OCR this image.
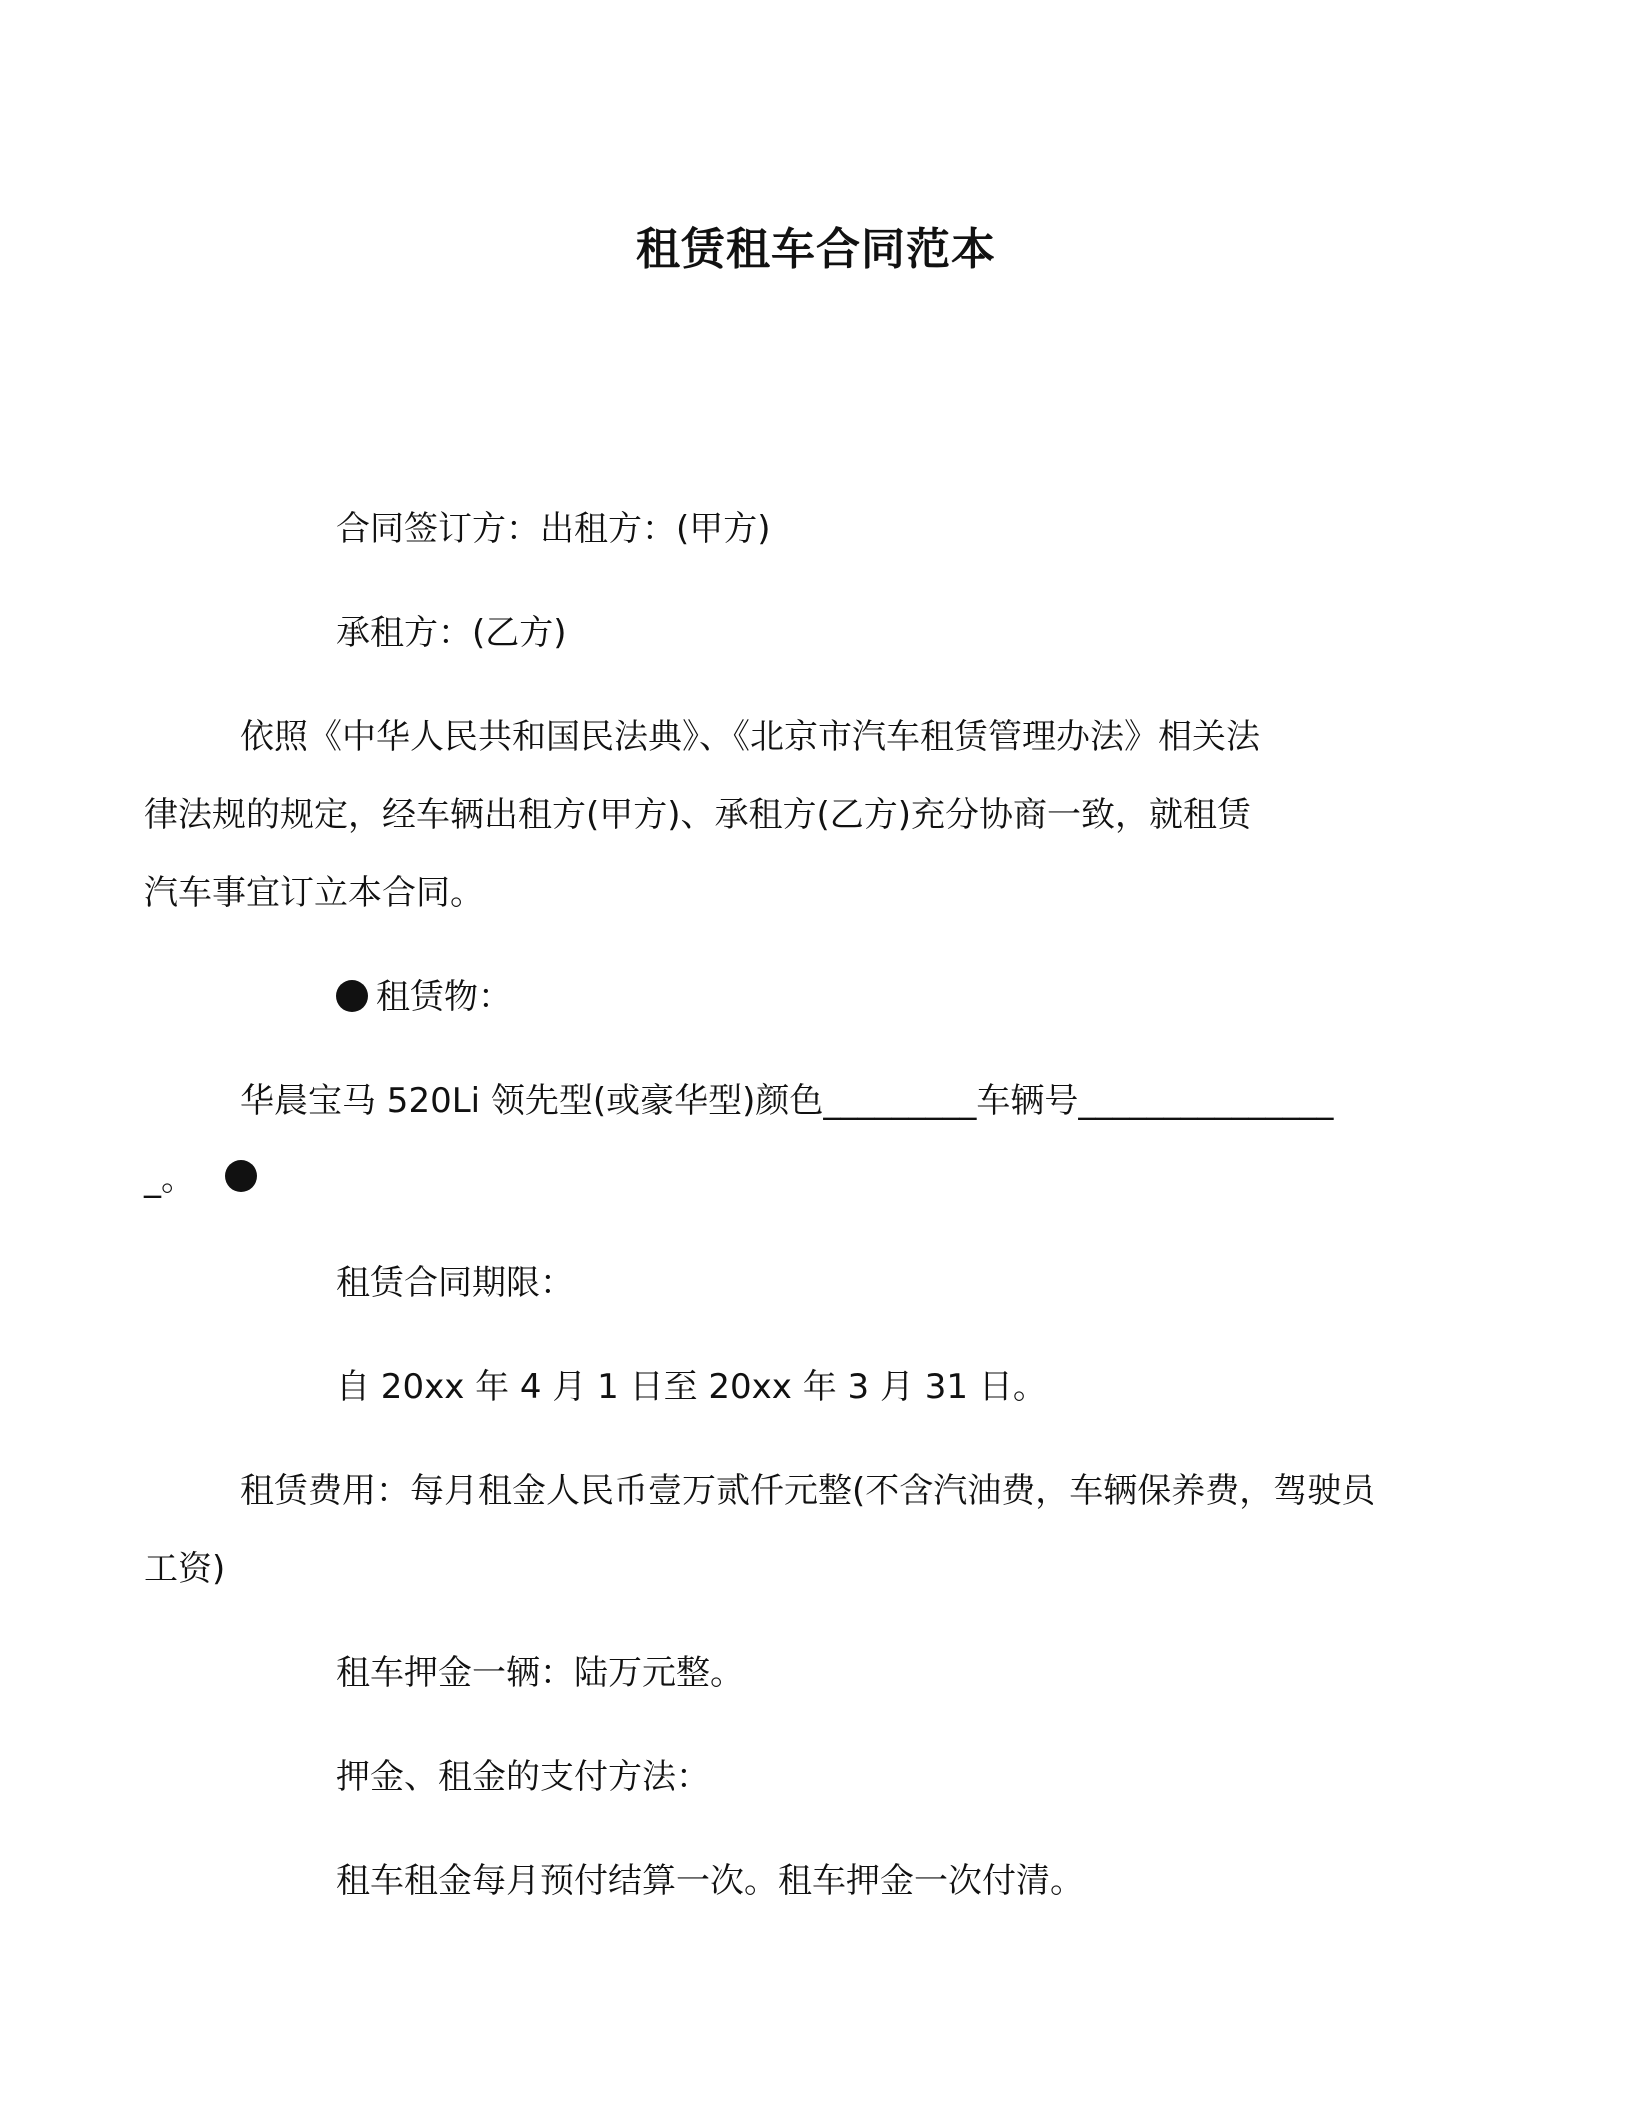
租赁租车合同范本

合同签订方：出租方：(甲方)

承租方：(乙方)

依照《中华人民共和国民法典》、《北京市汽车租赁管理办法》相关法律法规的规定，经车辆出租方(甲方)、承租方(乙方)充分协商一致，就租赁汽车事宜订立本合同。

租赁物：

华晨宝马 520Li 领先型(或豪华型)颜色_________车辆号________________。

租赁合同期限：

自 20xx 年 4 月 1 日至 20xx 年 3 月 31 日。

租赁费用：每月租金人民币壹万贰仟元整(不含汽油费，车辆保养费，驾驶员工资)

租车押金一辆：陆万元整。

押金、租金的支付方法：

租车租金每月预付结算一次。租车押金一次付清。
